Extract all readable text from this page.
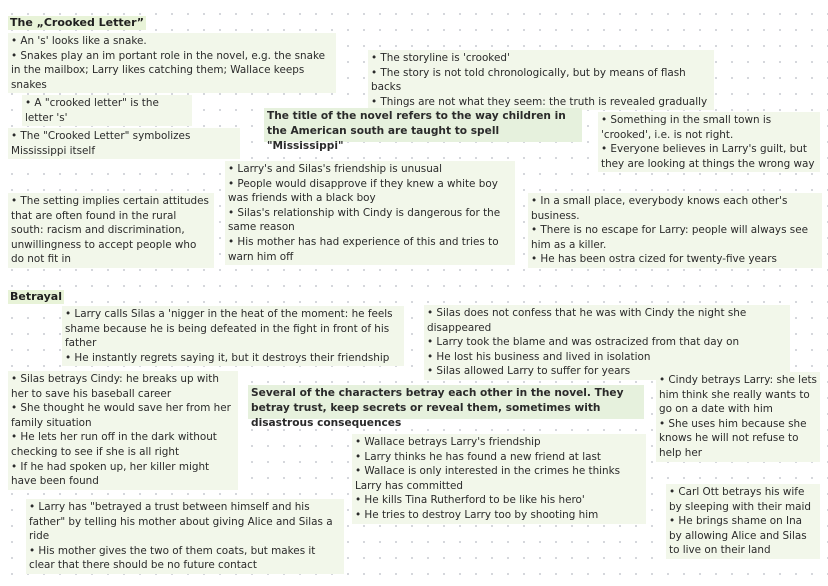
The „Crooked Letter”

• An 's' looks like a snake.

• Snakes play an im portant role in the novel, e.g. the snake in the mailbox; Larry likes catching them; Wallace keeps snakes

• The storyline is 'crooked'

• The story is not told chronologically, but by means of flash backs

• Things are not what they seem: the truth is revealed gradually

• A "crooked letter" is the letter 's'	The title of the novel refers to the way children in the American south are taught to spell "Mississippi"

• Something in the small town is 'crooked', i.e. is not right.

• Everyone believes in Larry's guilt, but they are looking at things the wrong way

• The "Crooked Letter" symbolizes Mississippi itself

• Larry's and Silas's friendship is unusual

• People would disapprove if they knew a white boy was friends with a black boy

• Silas's relationship with Cindy is dangerous for the same reason

• His mother has had experience of this and tries to warn him off

• The setting implies certain attitudes that are often found in the rural south: racism and discrimination, unwillingness to accept people who do not fit in

• In a small place, everybody knows each other's business.

• There is no escape for Larry: people will always see him as a killer.

• He has been ostra cized for twenty-five years

Betrayal

• Larry calls Silas a 'nigger in the heat of the moment: he feels shame because he is being defeated in the fight in front of his father

• He instantly regrets saying it, but it destroys their friendship

• Silas does not confess that he was with Cindy the night she disappeared

• Larry took the blame and was ostracized from that day on

• He lost his business and lived in isolation

• Silas allowed Larry to suffer for years

• Silas betrays Cindy: he breaks up with her to save his baseball career

• She thought he would save her from her family situation

• He lets her run off in the dark without checking to see if she is all right

• If he had spoken up, her killer might have been found

Several of the characters betray each other in the novel. They betray trust, keep secrets or reveal them, sometimes with disastrous consequences

• Cindy betrays Larry: she lets him think she really wants to go on a date with him

• She uses him because she knows he will not refuse to help her

• Wallace betrays Larry's friendship

• Larry thinks he has found a new friend at last

• Wallace is only interested in the crimes he thinks Larry has committed

• He kills Tina Rutherford to be like his hero'

• He tries to destroy Larry too by shooting him

• Larry has "betrayed a trust between himself and his father" by telling his mother about giving Alice and Silas a ride

• His mother gives the two of them coats, but makes it clear that there should be no future contact

• Carl Ott betrays his wife by sleeping with their maid

• He brings shame on Ina by allowing Alice and Silas to live on their land
